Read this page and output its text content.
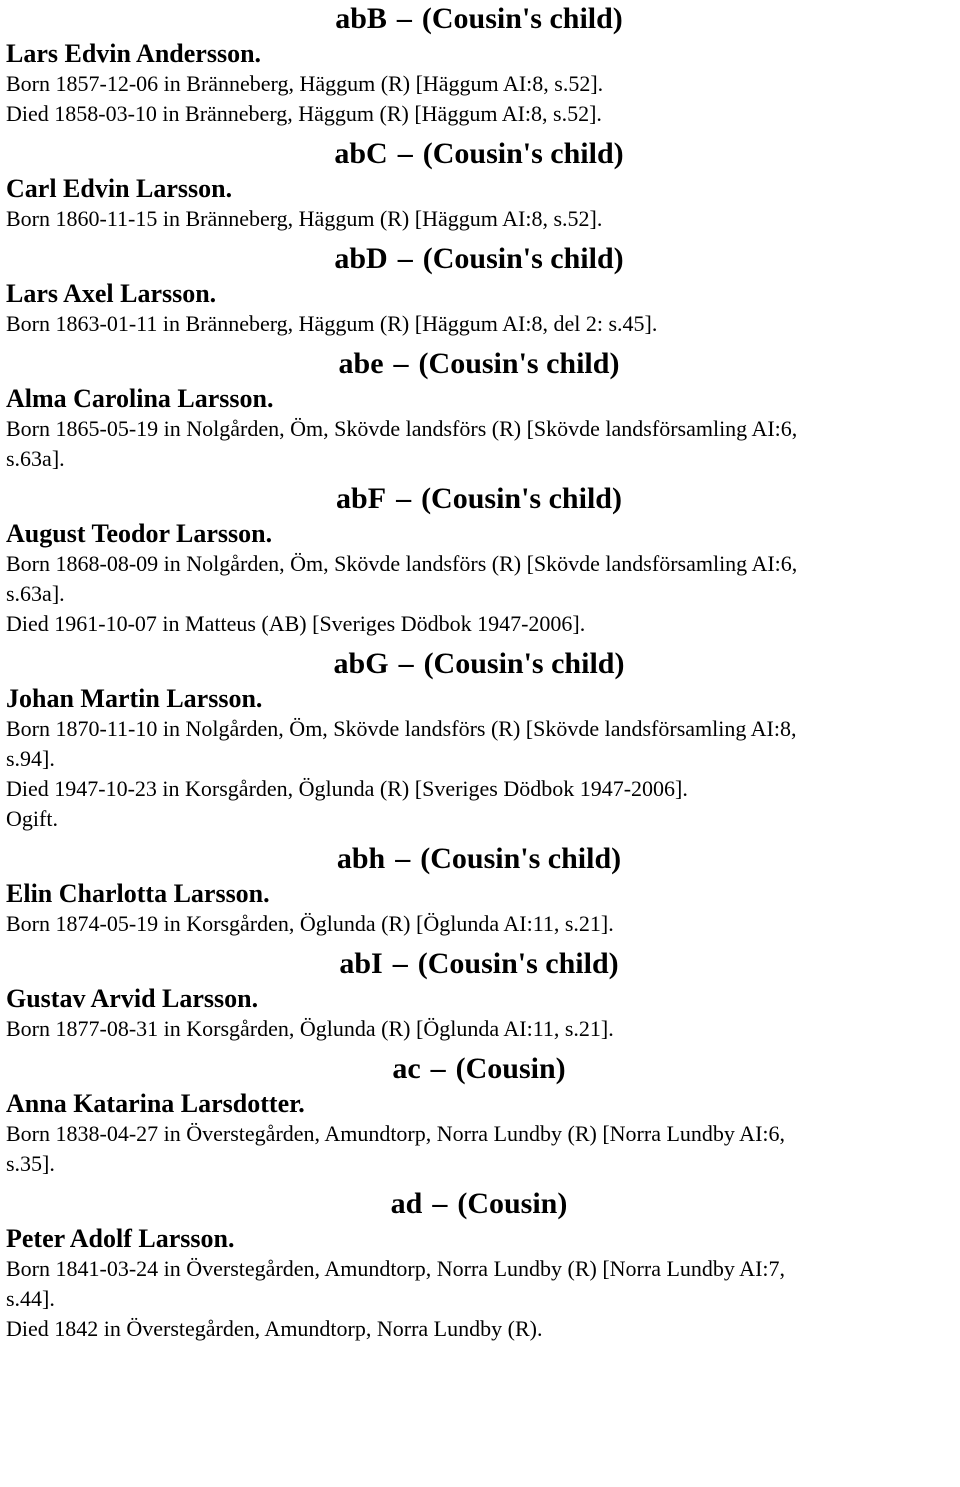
abB – (Cousin's child)
Lars Edvin Andersson.
Born 1857-12-06 in Bränneberg, Häggum (R) [Häggum AI:8, s.52].
Died 1858-03-10 in Bränneberg, Häggum (R) [Häggum AI:8, s.52].
abC – (Cousin's child)
Carl Edvin Larsson.
Born 1860-11-15 in Bränneberg, Häggum (R) [Häggum AI:8, s.52].
abD – (Cousin's child)
Lars Axel Larsson.
Born 1863-01-11 in Bränneberg, Häggum (R) [Häggum AI:8, del 2: s.45].
abe – (Cousin's child)
Alma Carolina Larsson.
Born 1865-05-19 in Nolgården, Öm, Skövde landsförs (R) [Skövde landsförsamling AI:6,
s.63a].
abF – (Cousin's child)
August Teodor Larsson.
Born 1868-08-09 in Nolgården, Öm, Skövde landsförs (R) [Skövde landsförsamling AI:6,
s.63a].
Died 1961-10-07 in Matteus (AB) [Sveriges Dödbok 1947-2006].
abG – (Cousin's child)
Johan Martin Larsson.
Born 1870-11-10 in Nolgården, Öm, Skövde landsförs (R) [Skövde landsförsamling AI:8,
s.94].
Died 1947-10-23 in Korsgården, Öglunda (R) [Sveriges Dödbok 1947-2006].
Ogift.
abh – (Cousin's child)
Elin Charlotta Larsson.
Born 1874-05-19 in Korsgården, Öglunda (R) [Öglunda AI:11, s.21].
abI – (Cousin's child)
Gustav Arvid Larsson.
Born 1877-08-31 in Korsgården, Öglunda (R) [Öglunda AI:11, s.21].
ac – (Cousin)
Anna Katarina Larsdotter.
Born 1838-04-27 in Överstegården, Amundtorp, Norra Lundby (R) [Norra Lundby AI:6,
s.35].
ad – (Cousin)
Peter Adolf Larsson.
Born 1841-03-24 in Överstegården, Amundtorp, Norra Lundby (R) [Norra Lundby AI:7,
s.44].
Died 1842 in Överstegården, Amundtorp, Norra Lundby (R).
